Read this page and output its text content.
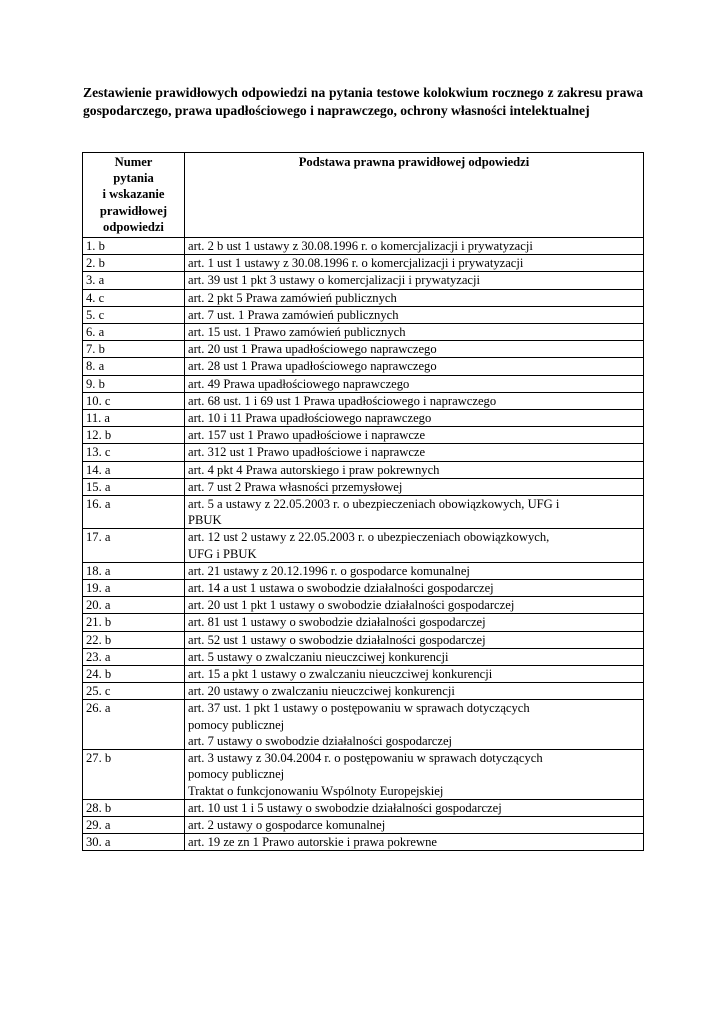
Zestawienie prawidłowych odpowiedzi na pytania testowe kolokwium rocznego z zakresu prawa gospodarczego, prawa upadłościowego i naprawczego, ochrony własności intelektualnej

Numer
pytania
i wskazanie
prawidłowej
odpowiedzi	Podstawa prawna prawidłowej odpowiedzi
1. b	art. 2 b ust 1 ustawy z 30.08.1996 r. o komercjalizacji i prywatyzacji

2. b	art. 1 ust 1 ustawy z 30.08.1996 r. o komercjalizacji i prywatyzacji

3. a	art. 39 ust 1 pkt 3 ustawy o komercjalizacji i prywatyzacji

4. c	art. 2 pkt 5 Prawa zamówień publicznych

5. c	art. 7 ust. 1 Prawa zamówień publicznych

6. a	art. 15 ust. 1 Prawo zamówień publicznych

7. b	art. 20 ust 1 Prawa upadłościowego naprawczego

8. a	art. 28 ust 1 Prawa upadłościowego naprawczego

9. b	art. 49 Prawa upadłościowego naprawczego

10. c	art. 68 ust. 1 i 69 ust 1 Prawa upadłościowego i naprawczego

11. a	art. 10 i 11 Prawa upadłościowego naprawczego

12. b	art. 157 ust 1 Prawo upadłościowe i naprawcze

13. c	art. 312 ust 1 Prawo upadłościowe i naprawcze

14. a	art. 4 pkt 4 Prawa autorskiego i praw pokrewnych

15. a	art. 7 ust 2 Prawa własności przemysłowej

16. a	art. 5 a ustawy z 22.05.2003 r. o ubezpieczeniach obowiązkowych, UFG i
PBUK

17. a	art. 12 ust 2 ustawy z 22.05.2003 r. o ubezpieczeniach obowiązkowych,
UFG i PBUK

18. a	art. 21 ustawy z 20.12.1996 r. o gospodarce komunalnej

19. a	art. 14 a ust 1 ustawa o swobodzie działalności gospodarczej

20. a	art. 20 ust 1 pkt 1 ustawy o swobodzie działalności gospodarczej

21. b	art. 81 ust 1 ustawy o swobodzie działalności gospodarczej

22. b	art. 52 ust 1 ustawy o swobodzie działalności gospodarczej

23. a	art. 5 ustawy o zwalczaniu nieuczciwej konkurencji

24. b	art. 15 a pkt 1 ustawy o zwalczaniu nieuczciwej konkurencji

25. c	art. 20 ustawy o zwalczaniu nieuczciwej konkurencji

26. a	art. 37 ust. 1 pkt 1 ustawy o postępowaniu w sprawach dotyczących
pomocy publicznej
art. 7 ustawy o swobodzie działalności gospodarczej

27. b	art. 3 ustawy z 30.04.2004 r. o postępowaniu w sprawach dotyczących
pomocy publicznej
Traktat o funkcjonowaniu Wspólnoty Europejskiej

28. b	art. 10 ust 1 i 5 ustawy o swobodzie działalności gospodarczej

29. a	art. 2 ustawy o gospodarce komunalnej

30. a	art. 19 ze zn 1 Prawo autorskie i prawa pokrewne
